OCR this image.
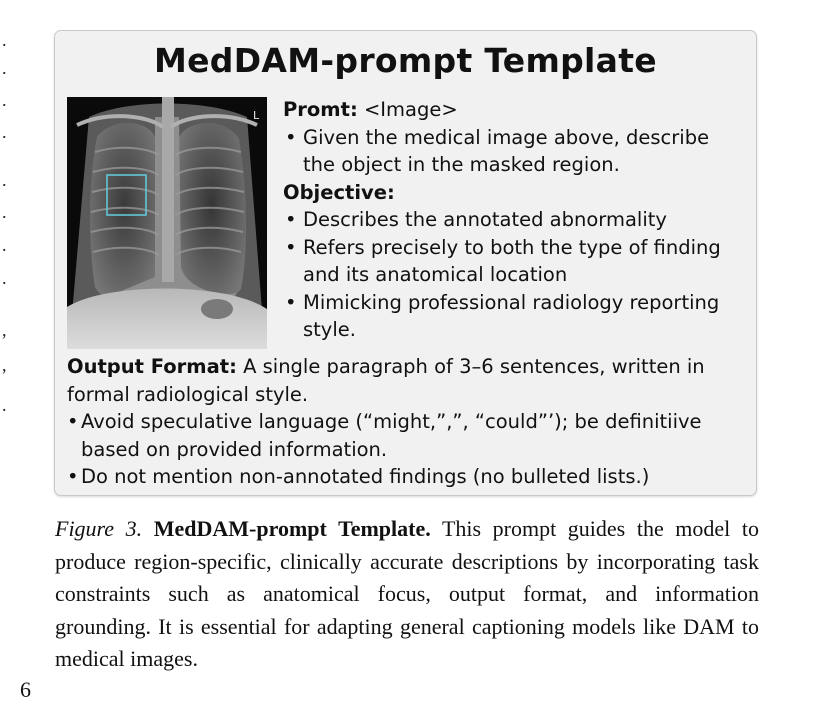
.
.
.
.
.
.
.
.
,
,
.
MedDAM-prompt Template
L Promt: <Image>
• Given the medical image above, describe
the object in the masked region.
Objective:
• Describes the annotated abnormality
• Refers precisely to both the type of finding
and its anatomical location
• Mimicking professional radiology reporting
style.
Output Format: A single paragraph of 3–6 sentences, written in
formal radiological style.
• Avoid speculative language (“might,”,”, “could”’); be definitiive
based on provided information.
• Do not mention non-annotated findings (no bulleted lists.)
Figure 3. MedDAM-prompt Template. This prompt guides the model to produce region-specific, clinically accurate descriptions by incorporating task constraints such as anatomical focus, output format, and information grounding. It is essential for adapting general captioning models like DAM to medical images.
6
